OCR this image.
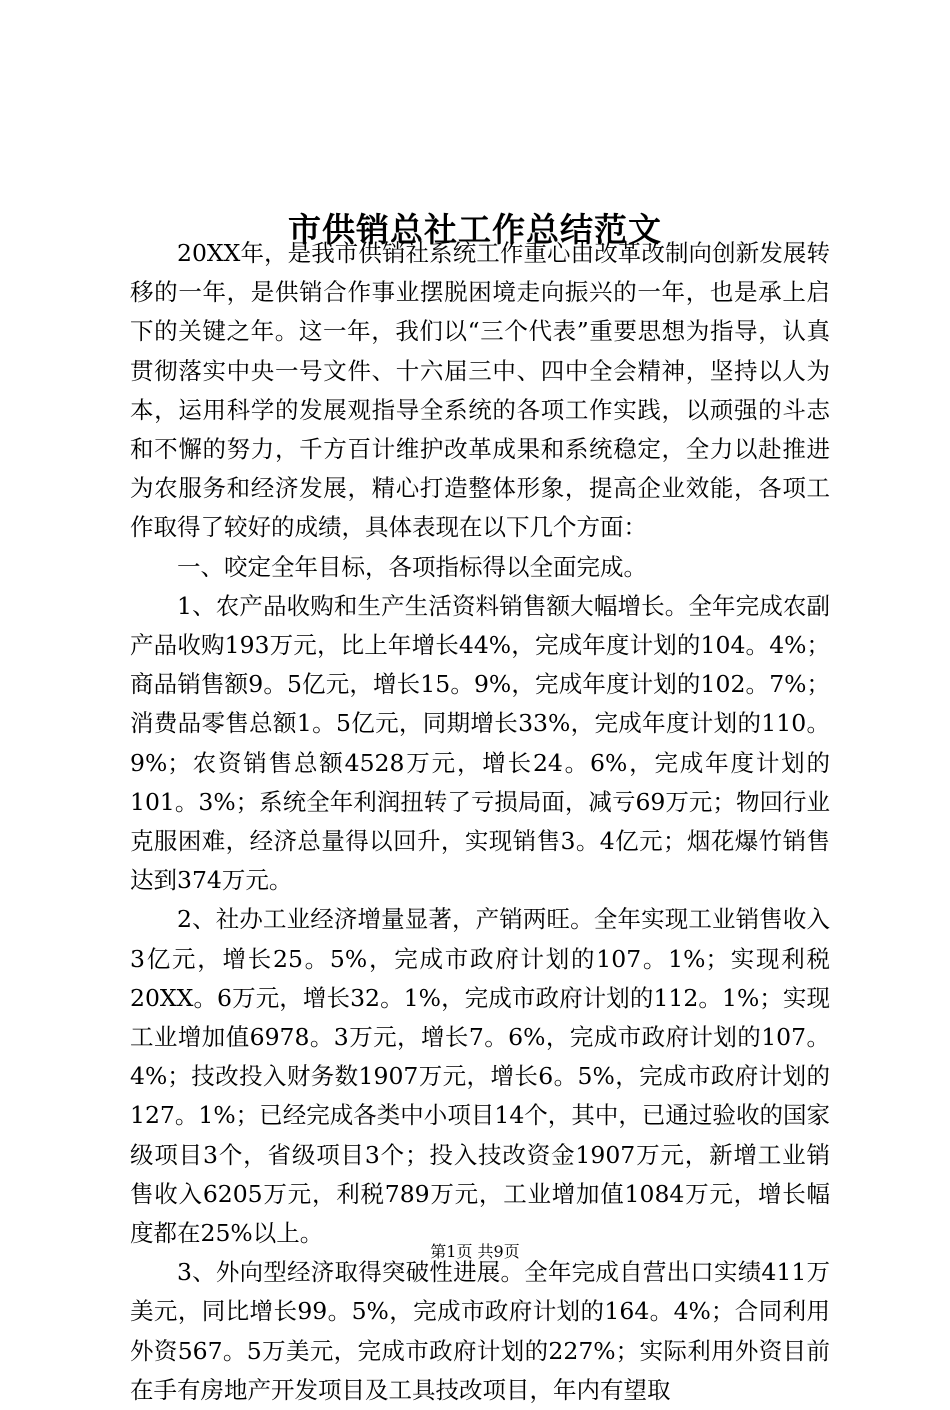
市供销总社工作总结范文

20XX年，是我市供销社系统工作重心由改革改制向创新发展转移的一年，是供销合作事业摆脱困境走向振兴的一年，也是承上启下的关键之年。这一年，我们以“三个代表”重要思想为指导，认真贯彻落实中央一号文件、十六届三中、四中全会精神，坚持以人为本，运用科学的发展观指导全系统的各项工作实践，以顽强的斗志和不懈的努力，千方百计维护改革成果和系统稳定，全力以赴推进为农服务和经济发展，精心打造整体形象，提高企业效能，各项工作取得了较好的成绩，具体表现在以下几个方面：

一、咬定全年目标，各项指标得以全面完成。

1、农产品收购和生产生活资料销售额大幅增长。全年完成农副产品收购193万元，比上年增长44%，完成年度计划的104。4%；商品销售额9。5亿元，增长15。9%，完成年度计划的102。7%；消费品零售总额1。5亿元，同期增长33%，完成年度计划的110。9%；农资销售总额4528万元，增长24。6%，完成年度计划的101。3%；系统全年利润扭转了亏损局面，减亏69万元；物回行业克服困难，经济总量得以回升，实现销售3。4亿元；烟花爆竹销售达到374万元。

2、社办工业经济增量显著，产销两旺。全年实现工业销售收入3亿元，增长25。5%，完成市政府计划的107。1%；实现利税20XX。6万元，增长32。1%，完成市政府计划的112。1%；实现工业增加值6978。3万元，增长7。6%，完成市政府计划的107。4%；技改投入财务数1907万元，增长6。5%，完成市政府计划的127。1%；已经完成各类中小项目14个，其中，已通过验收的国家级项目3个，省级项目3个；投入技改资金1907万元，新增工业销售收入6205万元，利税789万元，工业增加值1084万元，增长幅度都在25%以上。

3、外向型经济取得突破性进展。全年完成自营出口实绩411万美元，同比增长99。5%，完成市政府计划的164。4%；合同利用外资567。5万美元，完成市政府计划的227%；实际利用外资目前在手有房地产开发项目及工具技改项目，年内有望取

第1页 共9页
